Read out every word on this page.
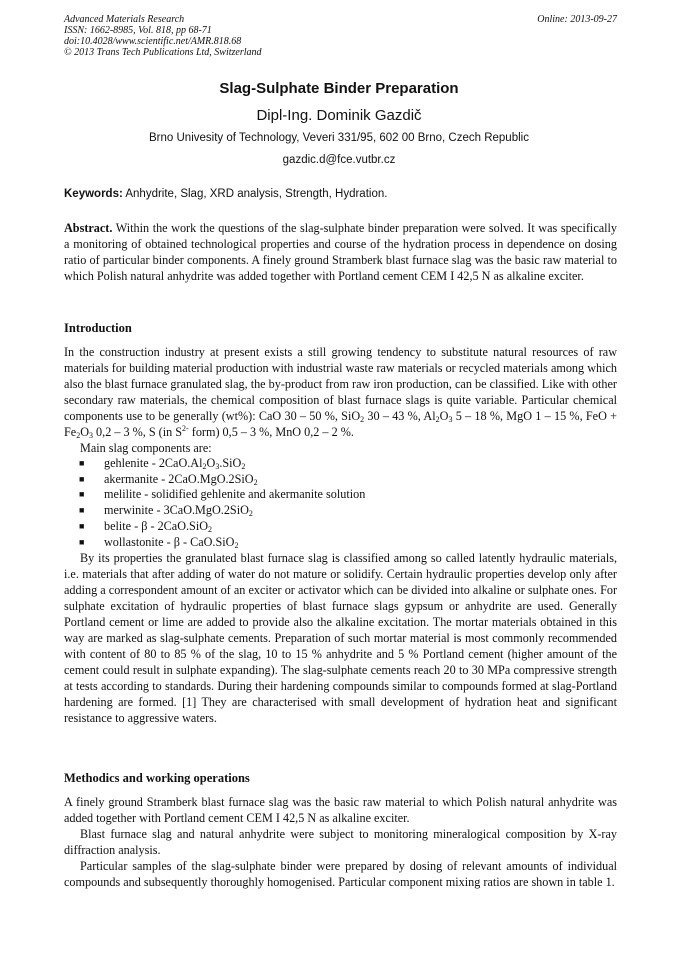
Advanced Materials Research
ISSN: 1662-8985, Vol. 818, pp 68-71
doi:10.4028/www.scientific.net/AMR.818.68
© 2013 Trans Tech Publications Ltd, Switzerland
Online: 2013-09-27
Slag-Sulphate Binder Preparation
Dipl-Ing. Dominik Gazdič
Brno Univesity of Technology, Veveri 331/95, 602 00 Brno, Czech Republic
gazdic.d@fce.vutbr.cz
Keywords: Anhydrite, Slag, XRD analysis, Strength, Hydration.
Abstract. Within the work the questions of the slag-sulphate binder preparation were solved. It was specifically a monitoring of obtained technological properties and course of the hydration process in dependence on dosing ratio of particular binder components. A finely ground Stramberk blast furnace slag was the basic raw material to which Polish natural anhydrite was added together with Portland cement CEM I 42,5 N as alkaline exciter.
Introduction

In the construction industry at present exists a still growing tendency to substitute natural resources of raw materials for building material production with industrial waste raw materials or recycled materials among which also the blast furnace granulated slag, the by-product from raw iron production, can be classified. Like with other secondary raw materials, the chemical composition of blast furnace slags is quite variable. Particular chemical components use to be generally (wt%): CaO 30 – 50 %, SiO$_2$ 30 – 43 %, $Al_2O_3$ 5 – 18 %, MgO 1 – 15 %, FeO + $Fe_2O_3$ 0,2 – 3 %, S (in $S^{2-}$ form) 0,5 – 3 %, MnO 0,2 – 2 %.

Main slag components are:

■ gehlenite - $2CaO.Al_2O_3.SiO_2$
■ akermanite - 2CaO.MgO.2SiO$_2$
■ melilite - solidified gehlenite and akermanite solution
■ merwinite - 3CaO.MgO.2SiO$_2$
■ belite - β - 2CaO.SiO$_2$
■ wollastonite - β - CaO.SiO$_2$

By its properties the granulated blast furnace slag is classified among so called latently hydraulic materials, i.e. materials that after adding of water do not mature or solidify. Certain hydraulic properties develop only after adding a correspondent amount of an exciter or activator which can be divided into alkaline or sulphate ones. For sulphate excitation of hydraulic properties of blast furnace slags gypsum or anhydrite are used. Generally Portland cement or lime are added to provide also the alkaline excitation. The mortar materials obtained in this way are marked as slag-sulphate cements. Preparation of such mortar material is most commonly recommended with content of 80 to 85 % of the slag, 10 to 15 % anhydrite and 5 % Portland cement (higher amount of the cement could result in sulphate expanding). The slag-sulphate cements reach 20 to 30 MPa compressive strength at tests according to standards. During their hardening compounds similar to compounds formed at slag-Portland hardening are formed. [1] They are characterised with small development of hydration heat and significant resistance to aggressive waters.

Methodics and working operations

A finely ground Stramberk blast furnace slag was the basic raw material to which Polish natural anhydrite was added together with Portland cement CEM I 42,5 N as alkaline exciter.

Blast furnace slag and natural anhydrite were subject to monitoring mineralogical composition by X-ray diffraction analysis.

Particular samples of the slag-sulphate binder were prepared by dosing of relevant amounts of individual compounds and subsequently thoroughly homogenised. Particular component mixing ratios are shown in table 1.
